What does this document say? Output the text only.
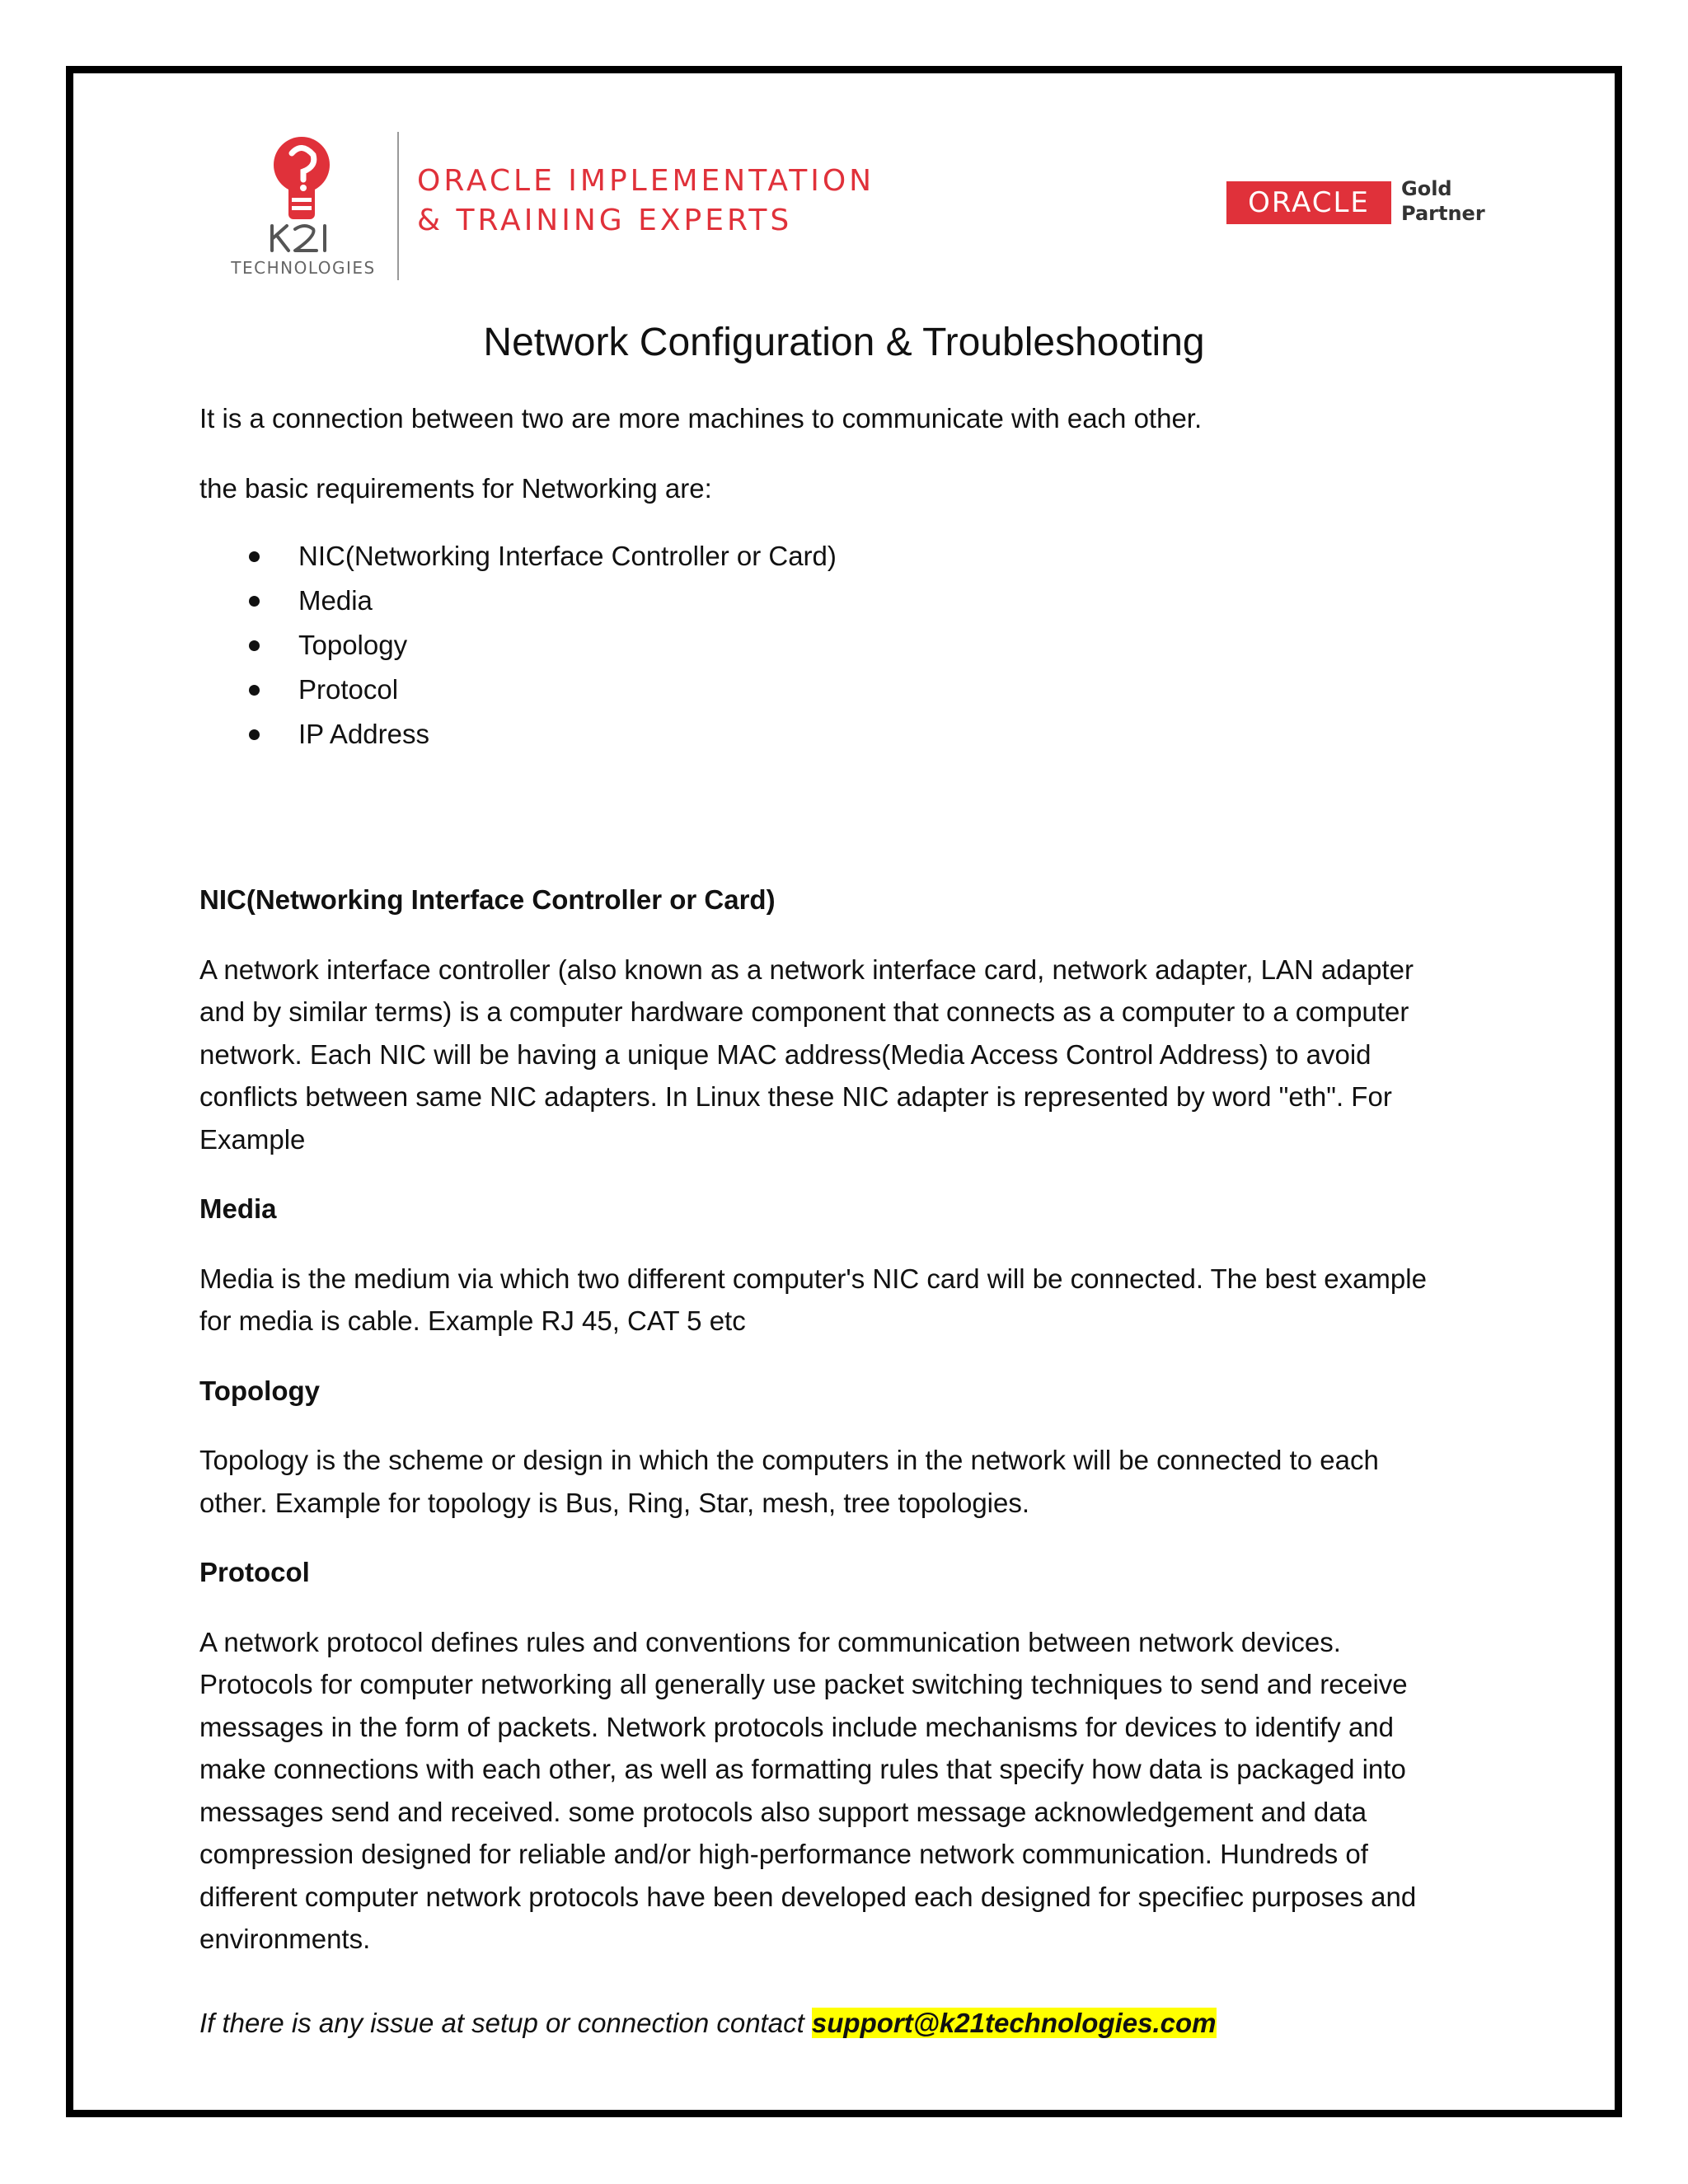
TECHNOLOGIES
ORACLE IMPLEMENTATION
& TRAINING EXPERTS
ORACLE	Gold
Partner
Network Configuration & Troubleshooting

It is a connection between two are more machines to communicate with each other.

the basic requirements for Networking are:

NIC(Networking Interface Controller or Card)
Media
Topology
Protocol
IP Address

NIC(Networking Interface Controller or Card)

A network interface controller (also known as a network interface card, network adapter, LAN adapter

and by similar terms) is a computer hardware component that connects as a computer to a computer

network. Each NIC will be having a unique MAC address(Media Access Control Address) to avoid

conflicts between same NIC adapters. In Linux these NIC adapter is represented by word "eth". For

Example

Media

Media is the medium via which two different computer's NIC card will be connected. The best example

for media is cable. Example RJ 45, CAT 5 etc

Topology

Topology is the scheme or design in which the computers in the network will be connected to each

other. Example for topology is Bus, Ring, Star, mesh, tree topologies.

Protocol

A network protocol defines rules and conventions for communication between network devices.

Protocols for computer networking all generally use packet switching techniques to send and receive

messages in the form of packets. Network protocols include mechanisms for devices to identify and

make connections with each other, as well as formatting rules that specify how data is packaged into

messages send and received. some protocols also support message acknowledgement and data

compression designed for reliable and/or high-performance network communication. Hundreds of

different computer network protocols have been developed each designed for specifiec purposes and

environments.

If there is any issue at setup or connection contact support@k21technologies.com
